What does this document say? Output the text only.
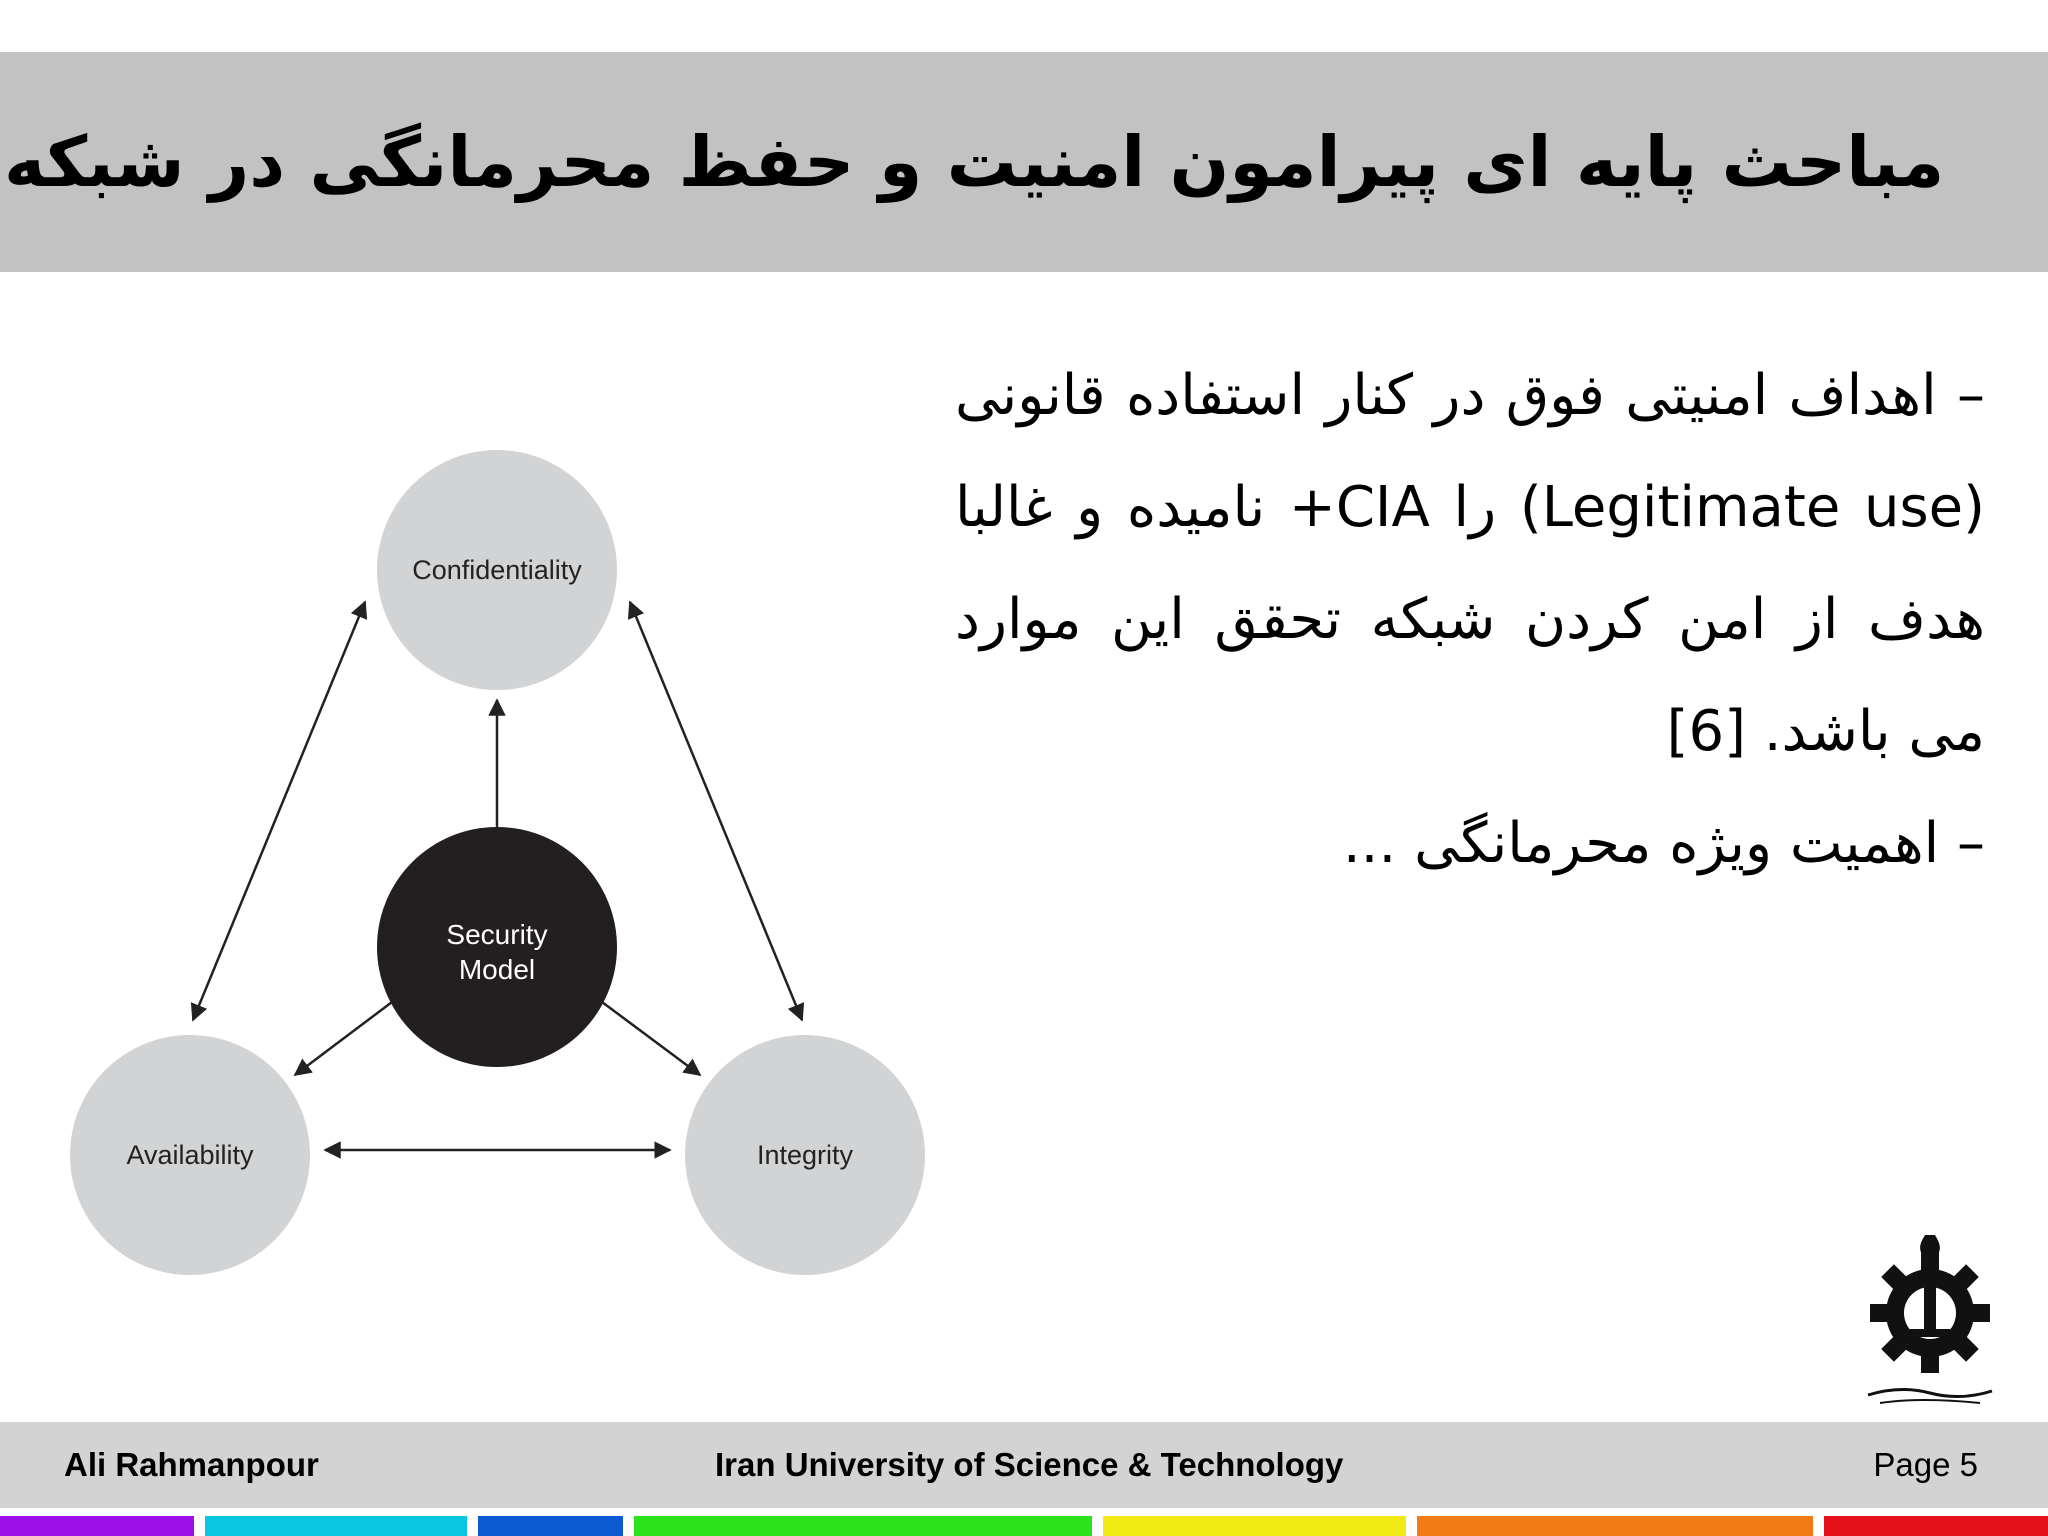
مباحث پایه ای پیرامون امنیت و حفظ محرمانگی در شبکه
Confidentiality
Availability	Integrity
Security
Model

– اهداف امنیتی فوق در کنار استفاده قانونی (Legitimate use) را CIA+ نامیده و غالبا هدف از امن کردن شبکه تحقق این موارد می باشد. [6]

– اهمیت ویژه محرمانگی ...

Ali Rahmanpour	Iran University of Science & Technology	Page 5
